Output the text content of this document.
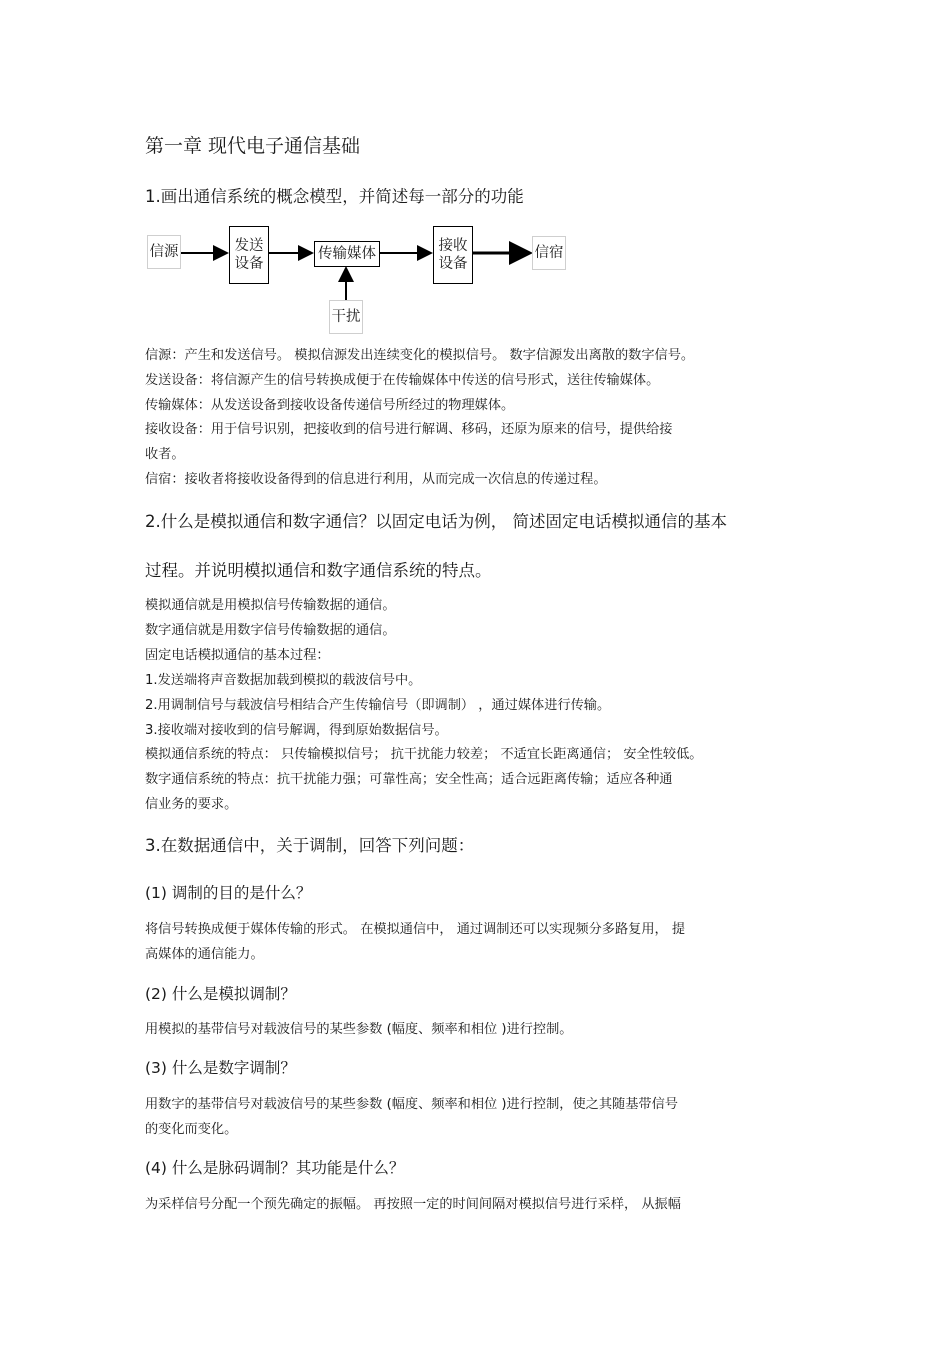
第一章 现代电子通信基础
1.画出通信系统的概念模型，并简述每一部分的功能
信源	发送
设备
传输媒体	接收
设备
信宿
干扰
信源：产生和发送信号。 模拟信源发出连续变化的模拟信号。 数字信源发出离散的数字信号。
发送设备：将信源产生的信号转换成便于在传输媒体中传送的信号形式，送往传输媒体。
传输媒体：从发送设备到接收设备传递信号所经过的物理媒体。
接收设备：用于信号识别，把接收到的信号进行解调、移码，还原为原来的信号，提供给接
收者。
信宿：接收者将接收设备得到的信息进行利用，从而完成一次信息的传递过程。
2.什么是模拟通信和数字通信？以固定电话为例， 简述固定电话模拟通信的基本
过程。并说明模拟通信和数字通信系统的特点。
模拟通信就是用模拟信号传输数据的通信。
数字通信就是用数字信号传输数据的通信。
固定电话模拟通信的基本过程：
1.发送端将声音数据加载到模拟的载波信号中。
2.用调制信号与载波信号相结合产生传输信号（即调制） ，通过媒体进行传输。
3.接收端对接收到的信号解调，得到原始数据信号。
模拟通信系统的特点： 只传输模拟信号； 抗干扰能力较差； 不适宜长距离通信； 安全性较低。
数字通信系统的特点：抗干扰能力强；可靠性高；安全性高；适合远距离传输；适应各种通
信业务的要求。
3.在数据通信中，关于调制，回答下列问题：
(1) 调制的目的是什么？
将信号转换成便于媒体传输的形式。 在模拟通信中， 通过调制还可以实现频分多路复用， 提
高媒体的通信能力。
(2) 什么是模拟调制？
用模拟的基带信号对载波信号的某些参数 (幅度、频率和相位 )进行控制。
(3) 什么是数字调制？
用数字的基带信号对载波信号的某些参数 (幅度、频率和相位 )进行控制，使之其随基带信号
的变化而变化。
(4) 什么是脉码调制？其功能是什么？
为采样信号分配一个预先确定的振幅。 再按照一定的时间间隔对模拟信号进行采样， 从振幅
